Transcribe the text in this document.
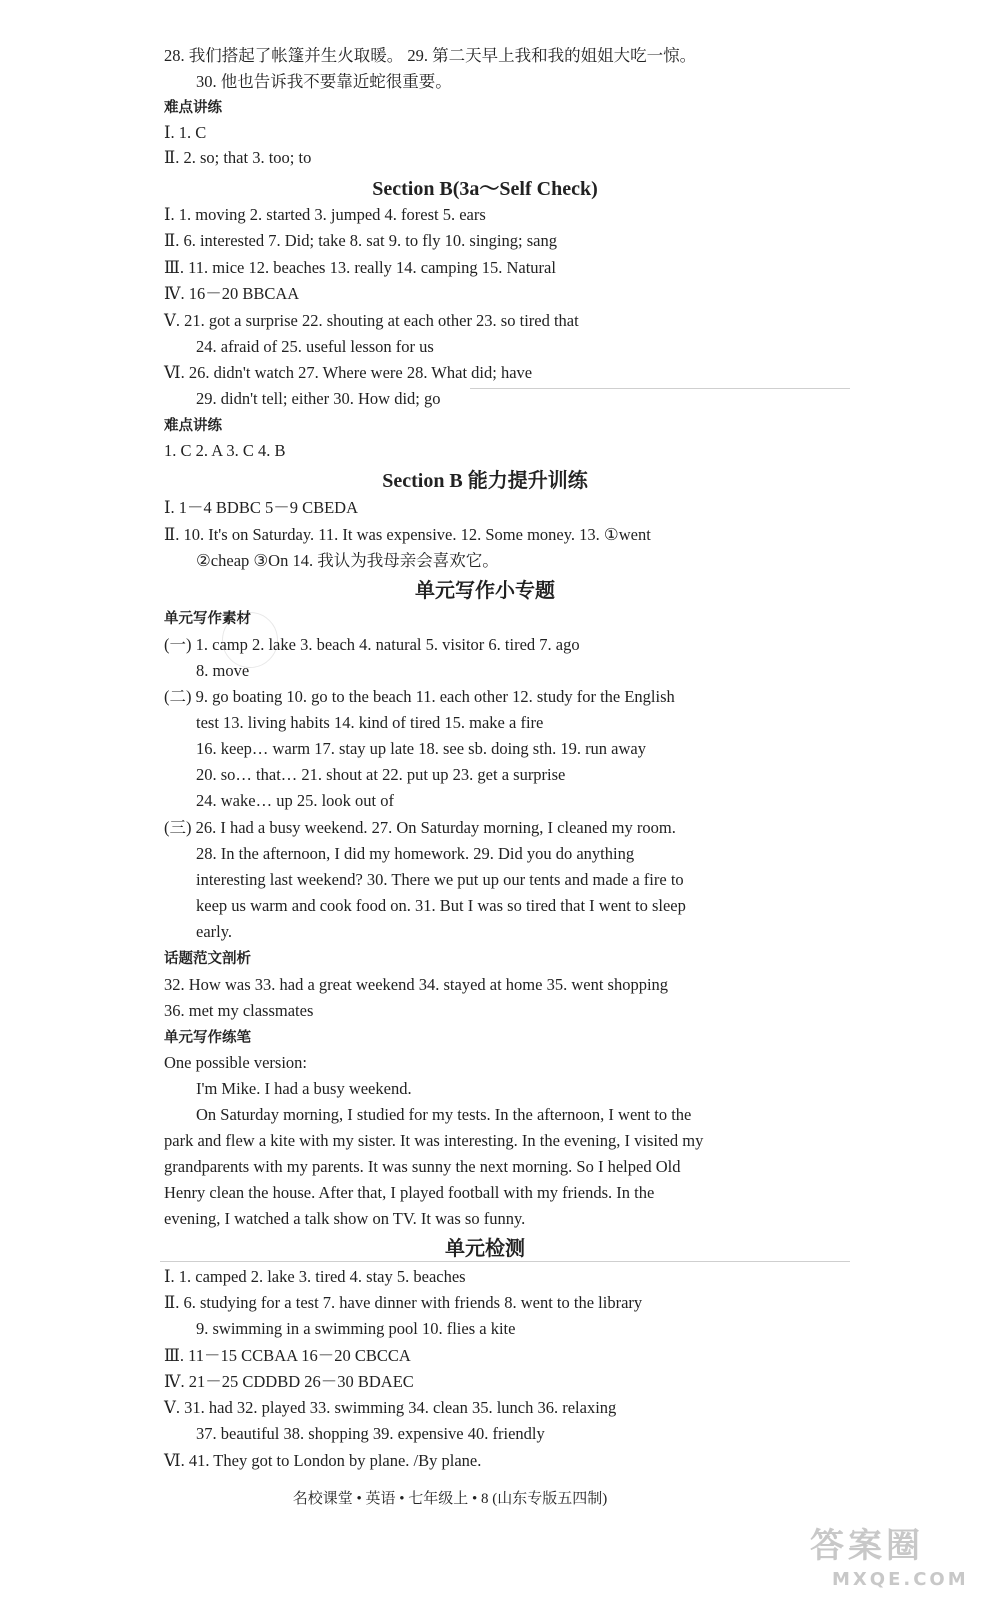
名校课堂 • 英语 • 七年级上 • 8 (山东专版五四制)
答案圈
MXQE.COM
28. 我们搭起了帐篷并生火取暖。 29. 第二天早上我和我的姐姐大吃一惊。
30. 他也告诉我不要靠近蛇很重要。
难点讲练
Ⅰ. 1. C
Ⅱ. 2. so; that 3. too; to
Section B(3a～Self Check)
Ⅰ. 1. moving 2. started 3. jumped 4. forest 5. ears
Ⅱ. 6. interested 7. Did; take 8. sat 9. to fly 10. singing; sang
Ⅲ. 11. mice 12. beaches 13. really 14. camping 15. Natural
Ⅳ. 16－20 BBCAA
Ⅴ. 21. got a surprise 22. shouting at each other 23. so tired that
24. afraid of 25. useful lesson for us
Ⅵ. 26. didn't watch 27. Where were 28. What did; have
29. didn't tell; either 30. How did; go
难点讲练
1. C 2. A 3. C 4. B
Section B 能力提升训练
Ⅰ. 1－4 BDBC 5－9 CBEDA
Ⅱ. 10. It's on Saturday. 11. It was expensive. 12. Some money. 13. ①went
②cheap ③On 14. 我认为我母亲会喜欢它。
单元写作小专题
单元写作素材
(一) 1. camp 2. lake 3. beach 4. natural 5. visitor 6. tired 7. ago
8. move
(二) 9. go boating 10. go to the beach 11. each other 12. study for the English
test 13. living habits 14. kind of tired 15. make a fire
16. keep… warm 17. stay up late 18. see sb. doing sth. 19. run away
20. so… that… 21. shout at 22. put up 23. get a surprise
24. wake… up 25. look out of
(三) 26. I had a busy weekend. 27. On Saturday morning, I cleaned my room.
28. In the afternoon, I did my homework. 29. Did you do anything
interesting last weekend? 30. There we put up our tents and made a fire to
keep us warm and cook food on. 31. But I was so tired that I went to sleep
early.
话题范文剖析
32. How was 33. had a great weekend 34. stayed at home 35. went shopping
36. met my classmates
单元写作练笔
One possible version:
I'm Mike. I had a busy weekend.
On Saturday morning, I studied for my tests. In the afternoon, I went to the
park and flew a kite with my sister. It was interesting. In the evening, I visited my
grandparents with my parents. It was sunny the next morning. So I helped Old
Henry clean the house. After that, I played football with my friends. In the
evening, I watched a talk show on TV. It was so funny.
单元检测
Ⅰ. 1. camped 2. lake 3. tired 4. stay 5. beaches
Ⅱ. 6. studying for a test 7. have dinner with friends 8. went to the library
9. swimming in a swimming pool 10. flies a kite
Ⅲ. 11－15 CCBAA 16－20 CBCCA
Ⅳ. 21－25 CDDBD 26－30 BDAEC
Ⅴ. 31. had 32. played 33. swimming 34. clean 35. lunch 36. relaxing
37. beautiful 38. shopping 39. expensive 40. friendly
Ⅵ. 41. They got to London by plane. /By plane.
